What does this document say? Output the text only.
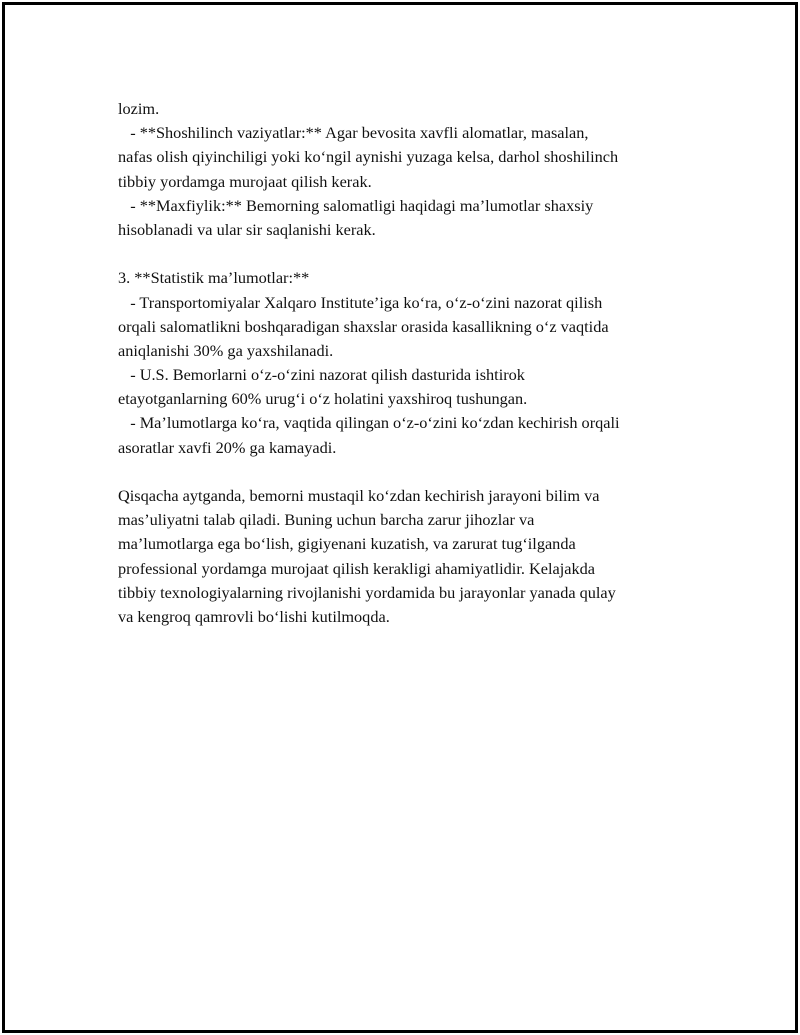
lozim.
- **Shoshilinch vaziyatlar:** Agar bevosita xavfli alomatlar, masalan,
nafas olish qiyinchiligi yoki ko‘ngil aynishi yuzaga kelsa, darhol shoshilinch
tibbiy yordamga murojaat qilish kerak.
- **Maxfiylik:** Bemorning salomatligi haqidagi ma’lumotlar shaxsiy
hisoblanadi va ular sir saqlanishi kerak.
3. **Statistik ma’lumotlar:**
- Transportomiyalar Xalqaro Institute’iga ko‘ra, o‘z-o‘zini nazorat qilish
orqali salomatlikni boshqaradigan shaxslar orasida kasallikning o‘z vaqtida
aniqlanishi 30% ga yaxshilanadi.
- U.S. Bemorlarni o‘z-o‘zini nazorat qilish dasturida ishtirok
etayotganlarning 60% urug‘i o‘z holatini yaxshiroq tushungan.
- Ma’lumotlarga ko‘ra, vaqtida qilingan o‘z-o‘zini ko‘zdan kechirish orqali
asoratlar xavfi 20% ga kamayadi.
Qisqacha aytganda, bemorni mustaqil ko‘zdan kechirish jarayoni bilim va
mas’uliyatni talab qiladi. Buning uchun barcha zarur jihozlar va
ma’lumotlarga ega bo‘lish, gigiyenani kuzatish, va zarurat tug‘ilganda
professional yordamga murojaat qilish kerakligi ahamiyatlidir. Kelajakda
tibbiy texnologiyalarning rivojlanishi yordamida bu jarayonlar yanada qulay
va kengroq qamrovli bo‘lishi kutilmoqda.
